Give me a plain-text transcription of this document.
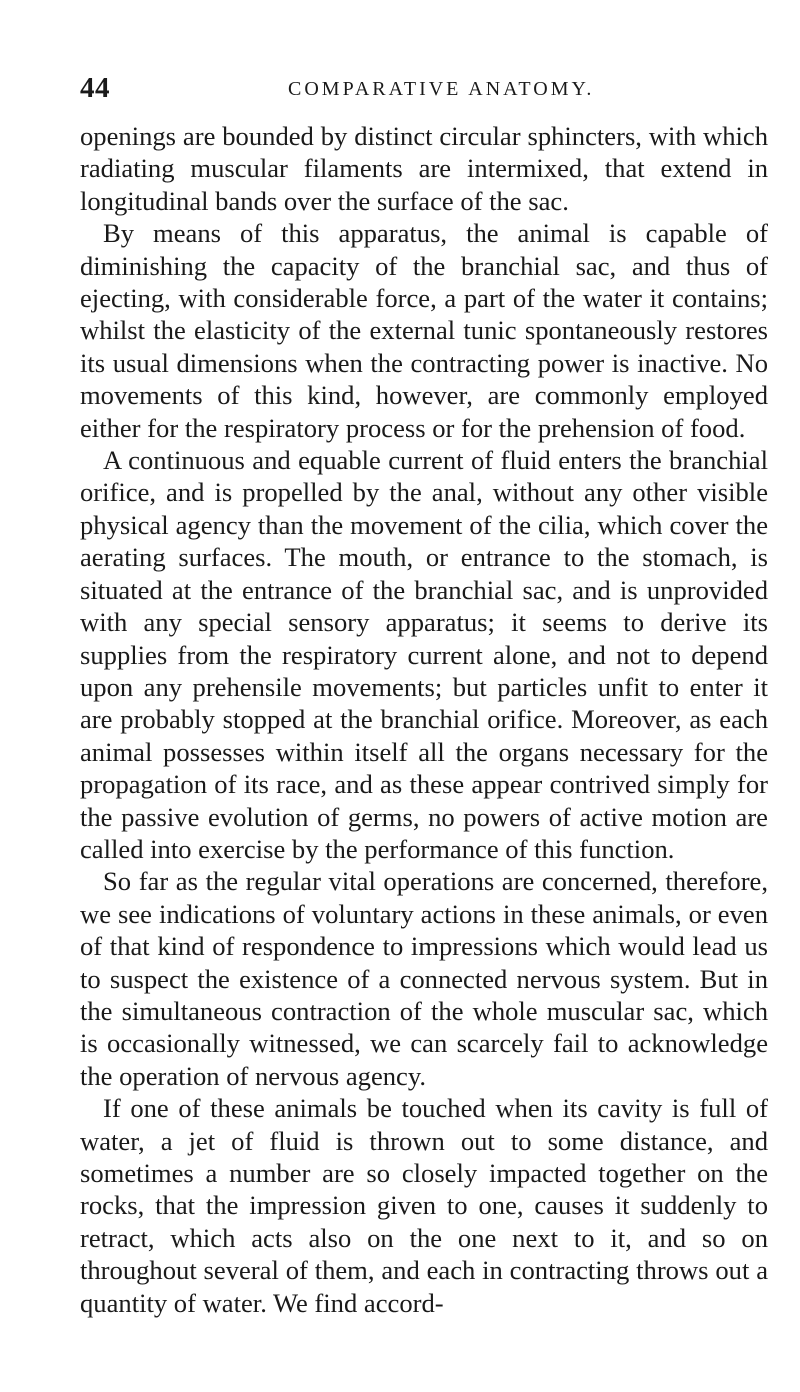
44	COMPARATIVE ANATOMY.

openings are bounded by distinct circular sphincters, with which radiating muscular filaments are intermixed, that extend in longitudinal bands over the surface of the sac.

By means of this apparatus, the animal is capable of diminishing the capacity of the branchial sac, and thus of ejecting, with considerable force, a part of the water it contains; whilst the elasticity of the external tunic spontaneously restores its usual dimensions when the contracting power is inactive. No movements of this kind, however, are commonly employed either for the respiratory process or for the prehension of food.

A continuous and equable current of fluid enters the branchial orifice, and is propelled by the anal, without any other visible physical agency than the movement of the cilia, which cover the aerating surfaces. The mouth, or entrance to the stomach, is situated at the entrance of the branchial sac, and is unprovided with any special sensory apparatus; it seems to derive its supplies from the respiratory current alone, and not to depend upon any prehensile movements; but particles unfit to enter it are probably stopped at the branchial orifice. Moreover, as each animal possesses within itself all the organs necessary for the propagation of its race, and as these appear contrived simply for the passive evolution of germs, no powers of active motion are called into exercise by the performance of this function.

So far as the regular vital operations are concerned, therefore, we see indications of voluntary actions in these animals, or even of that kind of respondence to impressions which would lead us to suspect the existence of a connected nervous system. But in the simultaneous contraction of the whole muscular sac, which is occasionally witnessed, we can scarcely fail to acknowledge the operation of nervous agency.

If one of these animals be touched when its cavity is full of water, a jet of fluid is thrown out to some distance, and sometimes a number are so closely impacted together on the rocks, that the impression given to one, causes it suddenly to retract, which acts also on the one next to it, and so on throughout several of them, and each in contracting throws out a quantity of water. We find accord-
